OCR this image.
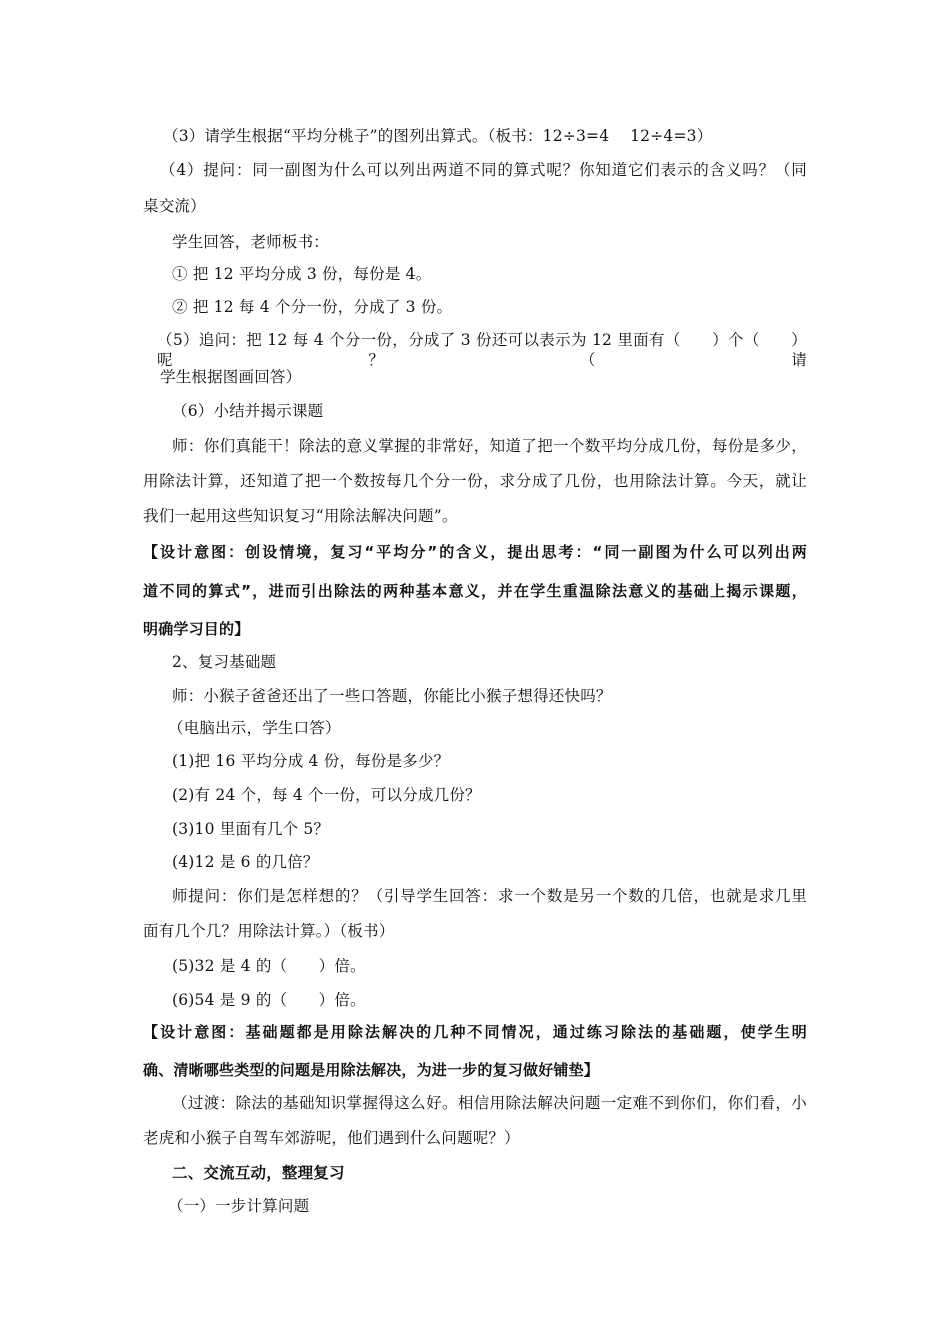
（3）请学生根据“平均分桃子”的图列出算式。（板书：12÷3=4　 12÷4=3）

（4）提问：同一副图为什么可以列出两道不同的算式呢？你知道它们表示的含义吗？（同

桌交流）

学生回答，老师板书：

① 把 12 平均分成 3 份，每份是 4。

② 把 12 每 4 个分一份，分成了 3 份。

（5）追问：把 12 每 4 个分一份，分成了 3 份还可以表示为 12 里面有（　　）个（　　）呢？（请

学生根据图画回答）

（6）小结并揭示课题

师：你们真能干！除法的意义掌握的非常好，知道了把一个数平均分成几份，每份是多少，

用除法计算，还知道了把一个数按每几个分一份，求分成了几份，也用除法计算。今天，就让

我们一起用这些知识复习“用除法解决问题”。

【设计意图：创设情境，复习“平均分”的含义，提出思考：“同一副图为什么可以列出两

道不同的算式”，进而引出除法的两种基本意义，并在学生重温除法意义的基础上揭示课题，

明确学习目的】

2、复习基础题

师：小猴子爸爸还出了一些口答题，你能比小猴子想得还快吗？

（电脑出示，学生口答）

(1)把 16 平均分成 4 份，每份是多少？

(2)有 24 个，每 4 个一份，可以分成几份？

(3)10 里面有几个 5？

(4)12 是 6 的几倍？

师提问：你们是怎样想的？（引导学生回答：求一个数是另一个数的几倍，也就是求几里

面有几个几？用除法计算。）（板书）

(5)32 是 4 的（　　）倍。

(6)54 是 9 的（　　）倍。

【设计意图：基础题都是用除法解决的几种不同情况，通过练习除法的基础题，使学生明

确、清晰哪些类型的问题是用除法解决，为进一步的复习做好铺垫】

（过渡：除法的基础知识掌握得这么好。相信用除法解决问题一定难不到你们，你们看，小

老虎和小猴子自驾车郊游呢，他们遇到什么问题呢？）

二、交流互动，整理复习

（一）一步计算问题
